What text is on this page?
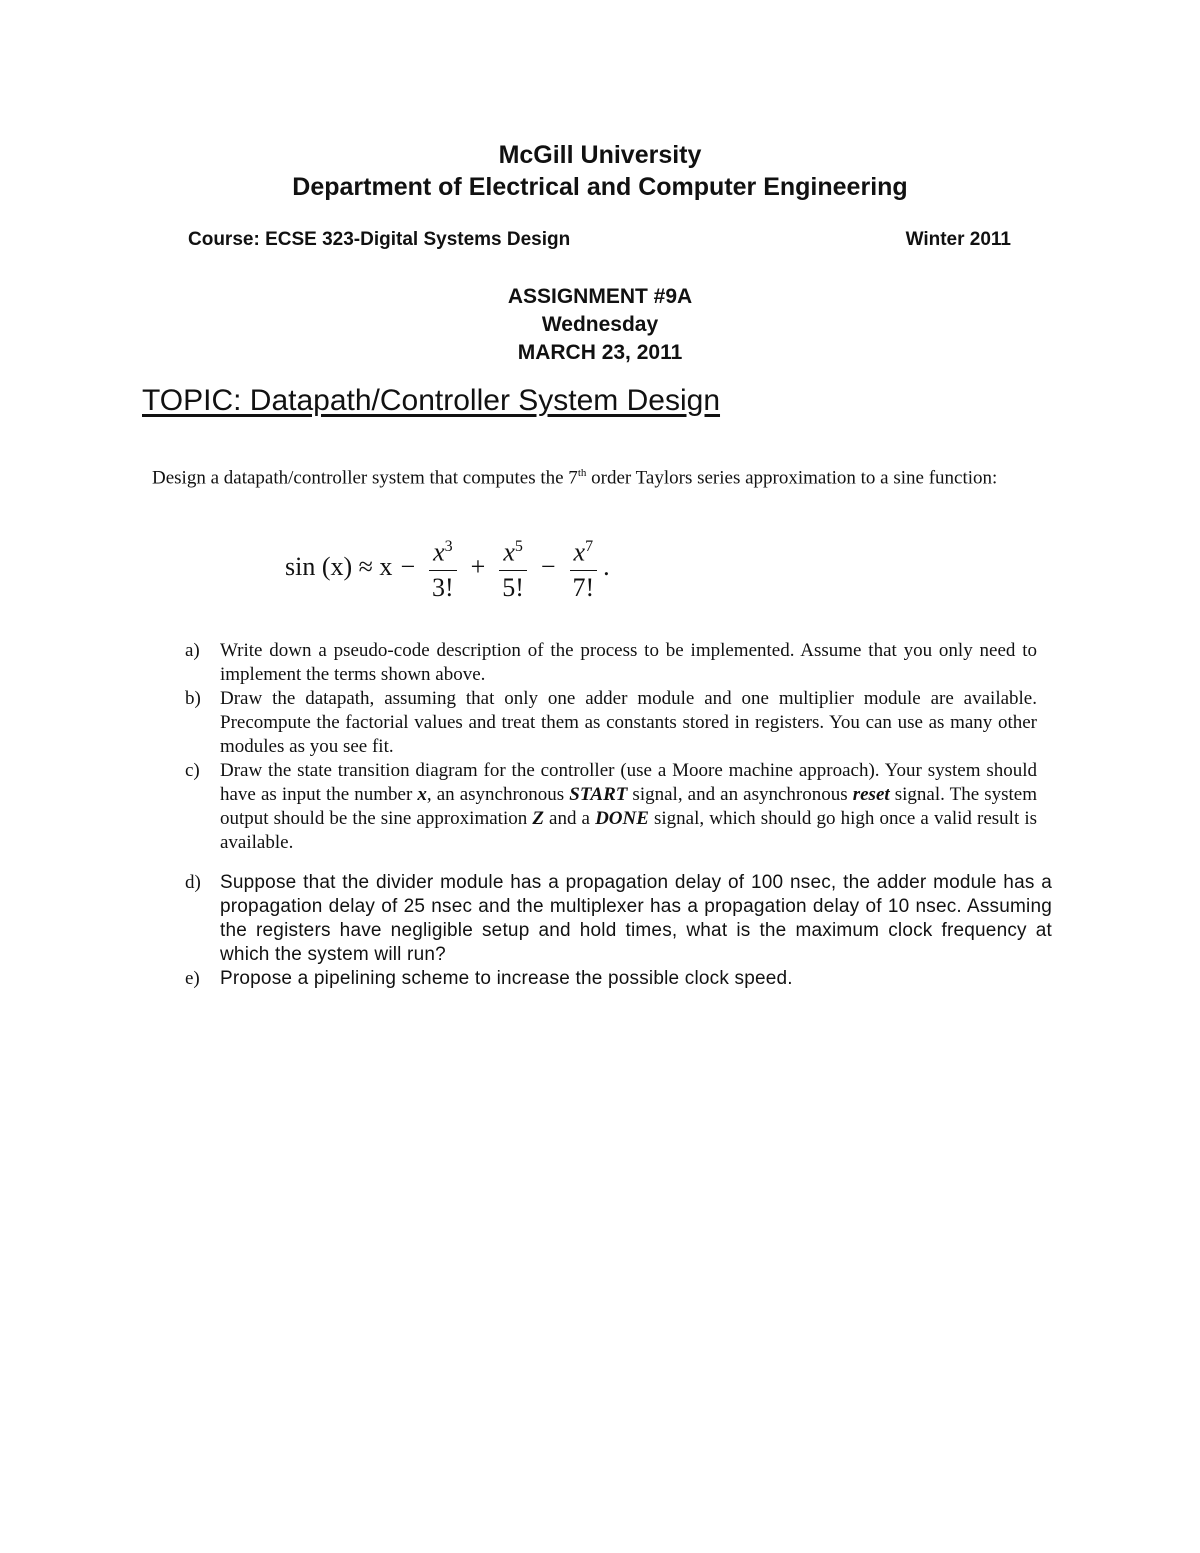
McGill University
Department of Electrical and Computer Engineering
Course: ECSE 323-Digital Systems Design	Winter 2011
ASSIGNMENT #9A
Wednesday
MARCH 23, 2011
TOPIC: Datapath/Controller System Design
Design a datapath/controller system that computes the 7th order Taylors series approximation to a sine function:
$\sin (x) \approx x - \frac{x^3}{3!} + \frac{x^5}{5!} - \frac{x^7}{7!}$ .
a)	Write down a pseudo-code description of the process to be implemented. Assume that you only need to implement the terms shown above.
b)	Draw the datapath, assuming that only one adder module and one multiplier module are available. Precompute the factorial values and treat them as constants stored in registers. You can use as many other modules as you see fit.
c)	Draw the state transition diagram for the controller (use a Moore machine approach). Your system should have as input the number x, an asynchronous START signal, and an asynchronous reset signal. The system output should be the sine approximation Z and a DONE signal, which should go high once a valid result is available.
d)	Suppose that the divider module has a propagation delay of 100 nsec, the adder module has a propagation delay of 25 nsec and the multiplexer has a propagation delay of 10 nsec. Assuming the registers have negligible setup and hold times, what is the maximum clock frequency at which the system will run?
e)	Propose a pipelining scheme to increase the possible clock speed.
